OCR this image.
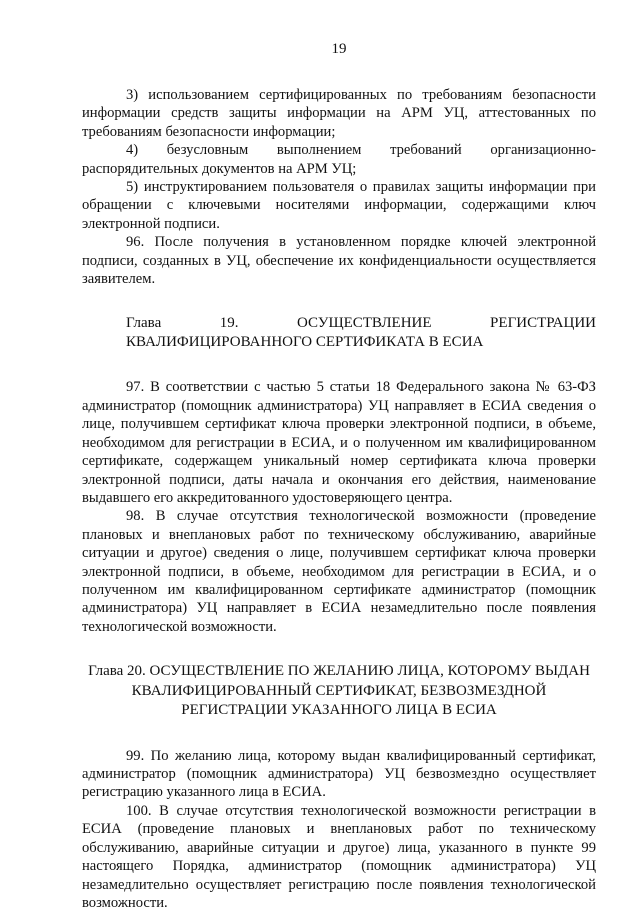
19

3) использованием сертифицированных по требованиям безопасности информации средств защиты информации на АРМ УЦ, аттестованных по требованиям безопасности информации;

4) безусловным выполнением требований организационно-распорядительных документов на АРМ УЦ;

5) инструктированием пользователя о правилах защиты информации при обращении с ключевыми носителями информации, содержащими ключ электронной подписи.

96. После получения в установленном порядке ключей электронной подписи, созданных в УЦ, обеспечение их конфиденциальности осуществляется заявителем.

Глава 19. ОСУЩЕСТВЛЕНИЕ РЕГИСТРАЦИИ КВАЛИФИЦИРОВАННОГО СЕРТИФИКАТА В ЕСИА

97. В соответствии с частью 5 статьи 18 Федерального закона № 63-ФЗ администратор (помощник администратора) УЦ направляет в ЕСИА сведения о лице, получившем сертификат ключа проверки электронной подписи, в объеме, необходимом для регистрации в ЕСИА, и о полученном им квалифицированном сертификате, содержащем уникальный номер сертификата ключа проверки электронной подписи, даты начала и окончания его действия, наименование выдавшего его аккредитованного удостоверяющего центра.

98. В случае отсутствия технологической возможности (проведение плановых и внеплановых работ по техническому обслуживанию, аварийные ситуации и другое) сведения о лице, получившем сертификат ключа проверки электронной подписи, в объеме, необходимом для регистрации в ЕСИА, и о полученном им квалифицированном сертификате администратор (помощник администратора) УЦ направляет в ЕСИА незамедлительно после появления технологической возможности.

Глава 20. ОСУЩЕСТВЛЕНИЕ ПО ЖЕЛАНИЮ ЛИЦА, КОТОРОМУ ВЫДАН КВАЛИФИЦИРОВАННЫЙ СЕРТИФИКАТ, БЕЗВОЗМЕЗДНОЙ РЕГИСТРАЦИИ УКАЗАННОГО ЛИЦА В ЕСИА

99. По желанию лица, которому выдан квалифицированный сертификат, администратор (помощник администратора) УЦ безвозмездно осуществляет регистрацию указанного лица в ЕСИА.

100. В случае отсутствия технологической возможности регистрации в ЕСИА (проведение плановых и внеплановых работ по техническому обслуживанию, аварийные ситуации и другое) лица, указанного в пункте 99 настоящего Порядка, администратор (помощник администратора) УЦ незамедлительно осуществляет регистрацию после появления технологической возможности.
